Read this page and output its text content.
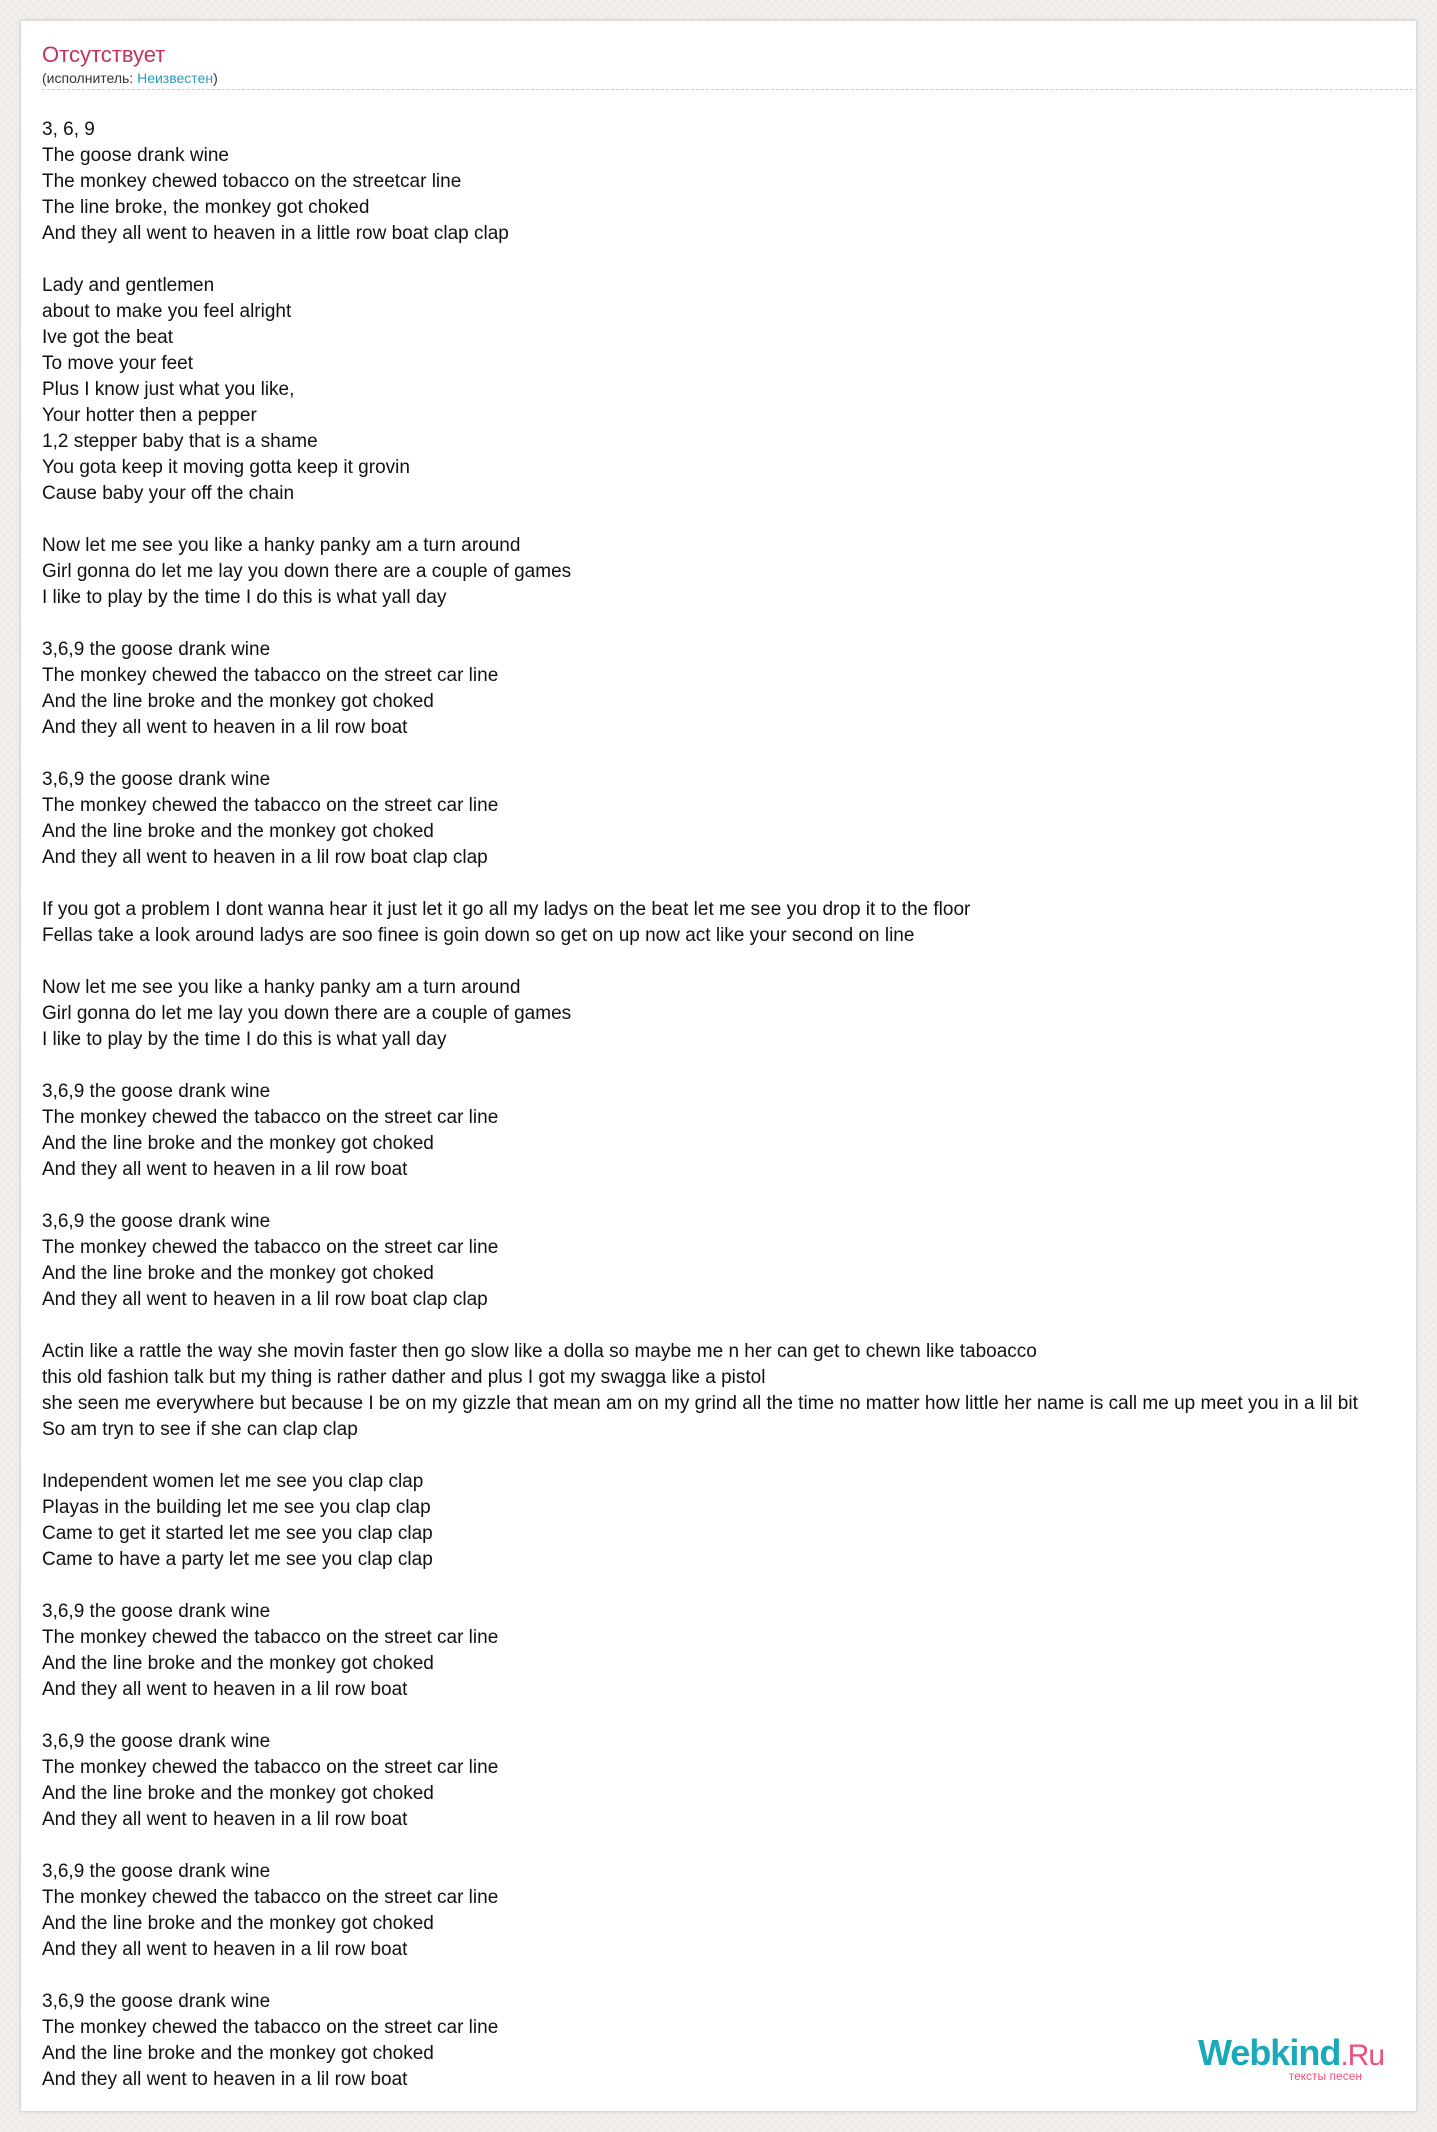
Отсутствует
(исполнитель: Неизвестен)
3, 6, 9
The goose drank wine
The monkey chewed tobacco on the streetcar line
The line broke, the monkey got choked
And they all went to heaven in a little row boat clap clap
Lady and gentlemen
about to make you feel alright
Ive got the beat
To move your feet
Plus I know just what you like,
Your hotter then a pepper
1,2 stepper baby that is a shame
You gota keep it moving gotta keep it grovin
Cause baby your off the chain
Now let me see you like a hanky panky am a turn around
Girl gonna do let me lay you down there are a couple of games
I like to play by the time I do this is what yall day
3,6,9 the goose drank wine
The monkey chewed the tabacco on the street car line
And the line broke and the monkey got choked
And they all went to heaven in a lil row boat
3,6,9 the goose drank wine
The monkey chewed the tabacco on the street car line
And the line broke and the monkey got choked
And they all went to heaven in a lil row boat clap clap
If you got a problem I dont wanna hear it just let it go all my ladys on the beat let me see you drop it to the floor
Fellas take a look around ladys are soo finee is goin down so get on up now act like your second on line
Now let me see you like a hanky panky am a turn around
Girl gonna do let me lay you down there are a couple of games
I like to play by the time I do this is what yall day
3,6,9 the goose drank wine
The monkey chewed the tabacco on the street car line
And the line broke and the monkey got choked
And they all went to heaven in a lil row boat
3,6,9 the goose drank wine
The monkey chewed the tabacco on the street car line
And the line broke and the monkey got choked
And they all went to heaven in a lil row boat clap clap
Actin like a rattle the way she movin faster then go slow like a dolla so maybe me n her can get to chewn like taboacco
this old fashion talk but my thing is rather dather and plus I got my swagga like a pistol
she seen me everywhere but because I be on my gizzle that mean am on my grind all the time no matter how little her name is call me up meet you in a lil bit
So am tryn to see if she can clap clap
Independent women let me see you clap clap
Playas in the building let me see you clap clap
Came to get it started let me see you clap clap
Came to have a party let me see you clap clap
3,6,9 the goose drank wine
The monkey chewed the tabacco on the street car line
And the line broke and the monkey got choked
And they all went to heaven in a lil row boat
3,6,9 the goose drank wine
The monkey chewed the tabacco on the street car line
And the line broke and the monkey got choked
And they all went to heaven in a lil row boat
3,6,9 the goose drank wine
The monkey chewed the tabacco on the street car line
And the line broke and the monkey got choked
And they all went to heaven in a lil row boat
3,6,9 the goose drank wine
The monkey chewed the tabacco on the street car line
And the line broke and the monkey got choked
And they all went to heaven in a lil row boat
Webkind.Ru
тексты песен
